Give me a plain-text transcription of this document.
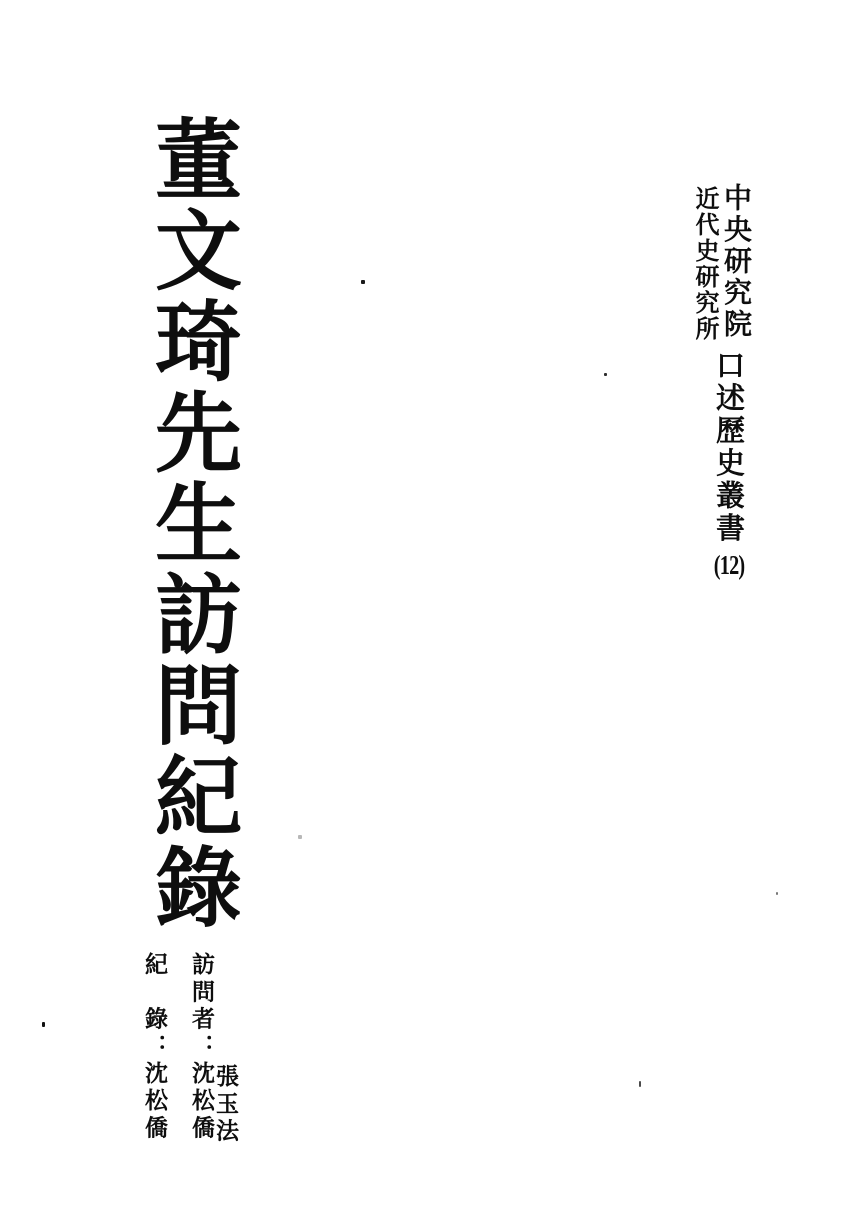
董文琦先生訪問紀錄	中央研究院
近代史研究所
口述歷史叢書
(12)
張玉法
訪問者：沈松僑
紀　錄：沈松僑
